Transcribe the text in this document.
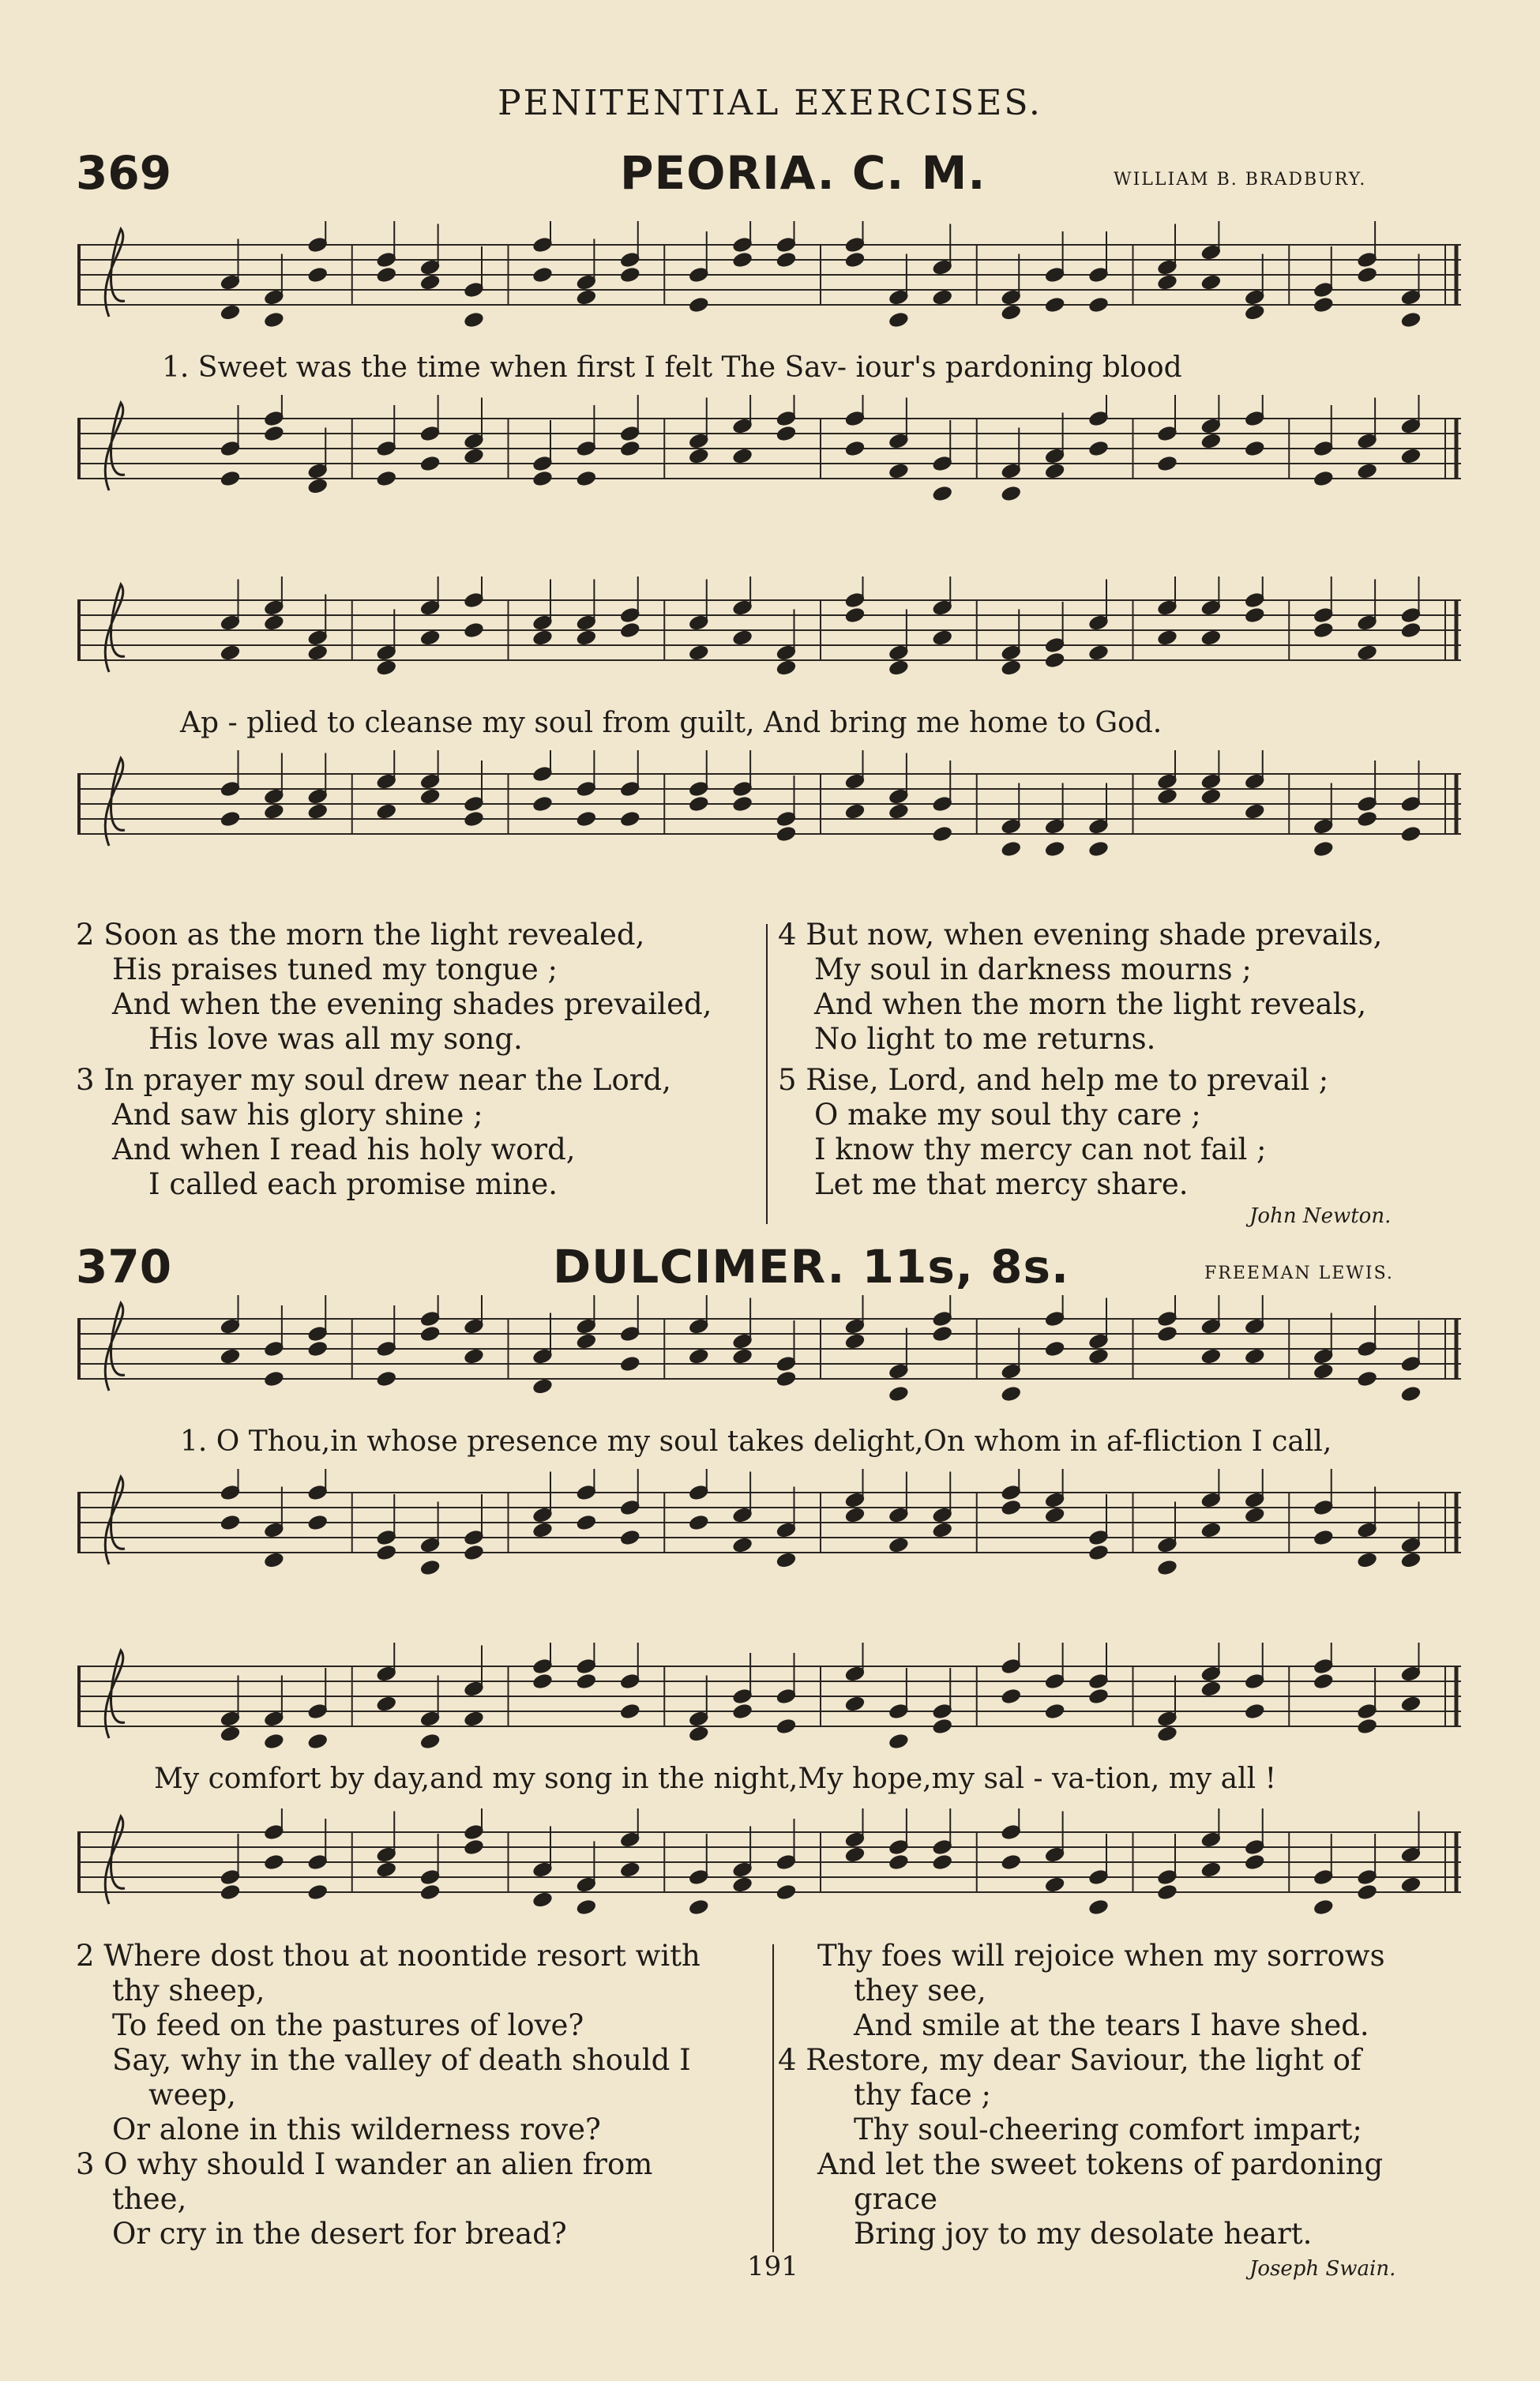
PENITENTIAL EXERCISES.
369	PEORIA. C. M.	WILLIAM B. BRADBURY.
1. Sweet was the time when first I felt The Sav- iour's pardoning blood
Ap - plied to cleanse my soul from guilt, And bring me home to God.
2 Soon as the morn the light revealed,
His praises tuned my tongue ;
And when the evening shades prevailed,
His love was all my song.
3 In prayer my soul drew near the Lord,
And saw his glory shine ;
And when I read his holy word,
I called each promise mine.
4 But now, when evening shade prevails,
My soul in darkness mourns ;
And when the morn the light reveals,
No light to me returns.
5 Rise, Lord, and help me to prevail ;
O make my soul thy care ;
I know thy mercy can not fail ;
Let me that mercy share.
John Newton.
370	DULCIMER. 11s, 8s.	FREEMAN LEWIS.
1. O Thou,in whose presence my soul takes delight,On whom in af-fliction I call,
My comfort by day,and my song in the night,My hope,my sal - va-tion, my all !
2 Where dost thou at noontide resort with
thy sheep,
To feed on the pastures of love?
Say, why in the valley of death should I
weep,
Or alone in this wilderness rove?
3 O why should I wander an alien from
thee,
Or cry in the desert for bread?
Thy foes will rejoice when my sorrows
they see,
And smile at the tears I have shed.
4 Restore, my dear Saviour, the light of
thy face ;
Thy soul-cheering comfort impart;
And let the sweet tokens of pardoning
grace
Bring joy to my desolate heart.
191	Joseph Swain.
